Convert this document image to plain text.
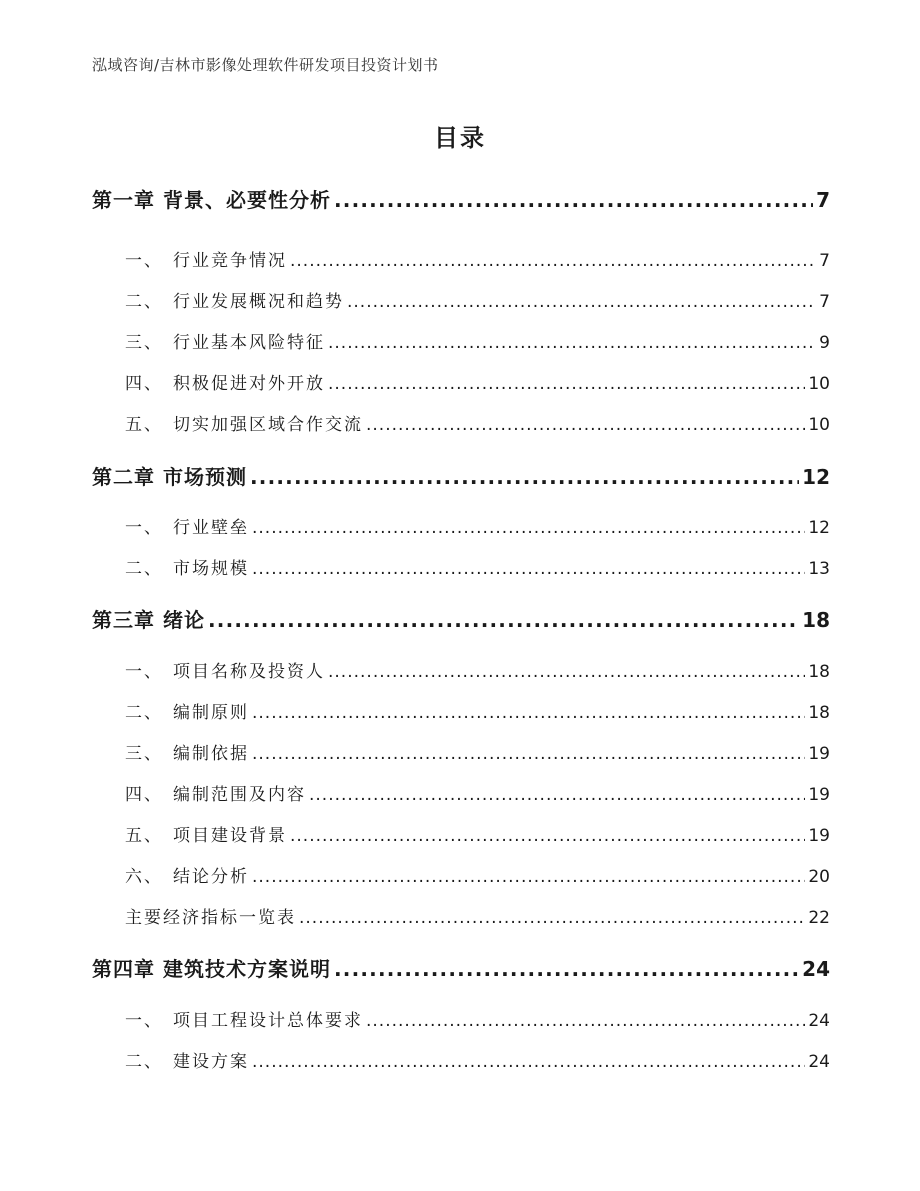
泓域咨询/吉林市影像处理软件研发项目投资计划书
目录
第一章 背景、必要性分析 .....	7
一、 行业竞争情况 .....	7
二、 行业发展概况和趋势 .....	7
三、 行业基本风险特征 .....	9
四、 积极促进对外开放 .....	10
五、 切实加强区域合作交流 .....	10
第二章 市场预测 .....	12
一、 行业壁垒 .....	12
二、 市场规模 .....	13
第三章 绪论 .....	18
一、 项目名称及投资人 .....	18
二、 编制原则 .....	18
三、 编制依据 .....	19
四、 编制范围及内容 .....	19
五、 项目建设背景 .....	19
六、 结论分析 .....	20
主要经济指标一览表 .....	22
第四章 建筑技术方案说明 .....	24
一、 项目工程设计总体要求 .....	24
二、 建设方案 .....	24
